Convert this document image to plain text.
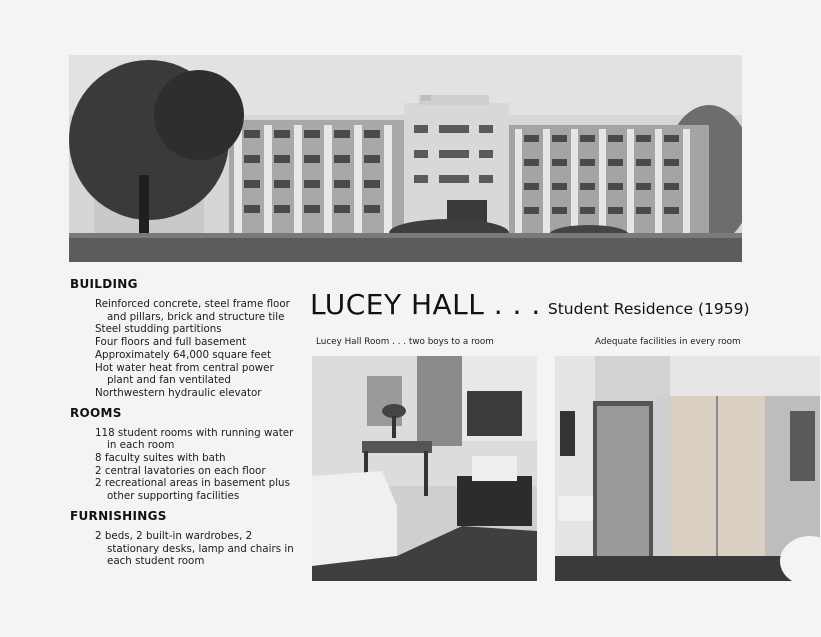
BUILDING
Reinforced concrete, steel frame floor and pillars, brick and structure tile
Steel studding partitions
Four floors and full basement
Approximately 64,000 square feet
Hot water heat from central power plant and fan ventilated
Northwestern hydraulic elevator
ROOMS
118 student rooms with running water in each room
8 faculty suites with bath
2 central lavatories on each floor
2 recreational areas in basement plus other supporting facilities
FURNISHINGS
2 beds, 2 built-in wardrobes, 2 stationary desks, lamp and chairs in each student room
LUCEY HALL . . . Student Residence (1959)
Lucey Hall Room . . . two boys to a room	Adequate facilities in every room
